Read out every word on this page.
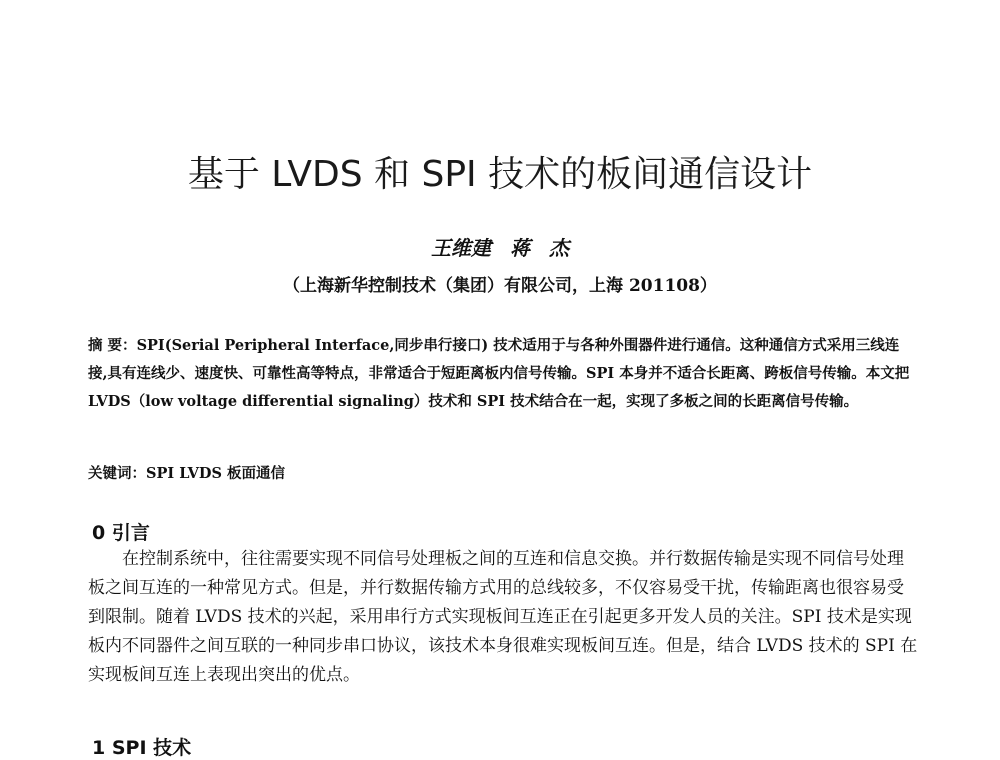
基于 LVDS 和 SPI 技术的板间通信设计
王维建 蒋 杰
（上海新华控制技术（集团）有限公司，上海 201108）

摘 要：SPI(Serial Peripheral Interface,同步串行接口) 技术适用于与各种外围器件进行通信。这种通信方式采用三线连接,具有连线少、速度快、可靠性高等特点，非常适合于短距离板内信号传输。SPI 本身并不适合长距离、跨板信号传输。本文把 LVDS（low voltage differential signaling）技术和 SPI 技术结合在一起，实现了多板之间的长距离信号传输。

关键词：SPI LVDS 板面通信
0 引言

在控制系统中，往往需要实现不同信号处理板之间的互连和信息交换。并行数据传输是实现不同信号处理板之间互连的一种常见方式。但是，并行数据传输方式用的总线较多，不仅容易受干扰，传输距离也很容易受到限制。随着 LVDS 技术的兴起，采用串行方式实现板间互连正在引起更多开发人员的关注。SPI 技术是实现板内不同器件之间互联的一种同步串口协议，该技术本身很难实现板间互连。但是，结合 LVDS 技术的 SPI 在实现板间互连上表现出突出的优点。

1 SPI 技术
